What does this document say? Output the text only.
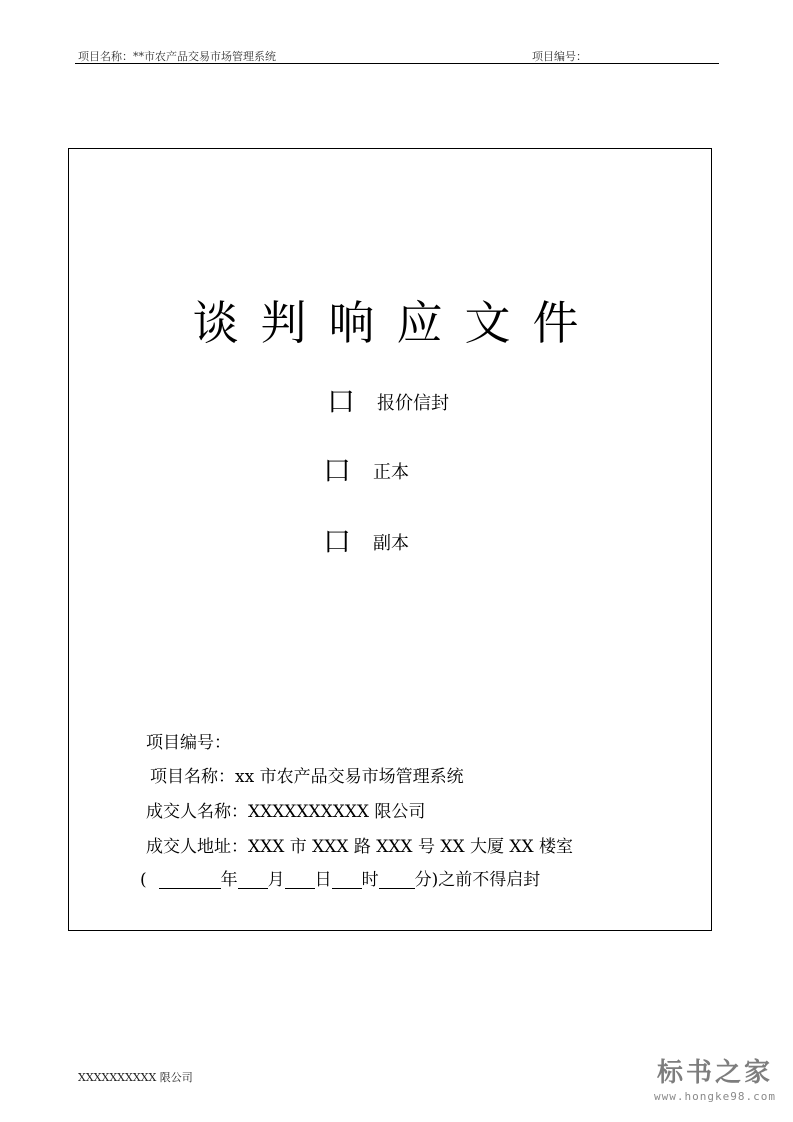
项目名称：**市农产品交易市场管理系统	项目编号：
谈判响应文件
口 报价信封
口 正本
口 副本
项目编号：
项目名称：xx 市农产品交易市场管理系统
成交人名称：XXXXXXXXXX 限公司
成交人地址：XXX 市 XXX 路 XXX 号 XX 大厦 XX 楼室
(	年 月 日 时 分)之前不得启封
XXXXXXXXXX 限公司	标书之家
www.hongke98.com
